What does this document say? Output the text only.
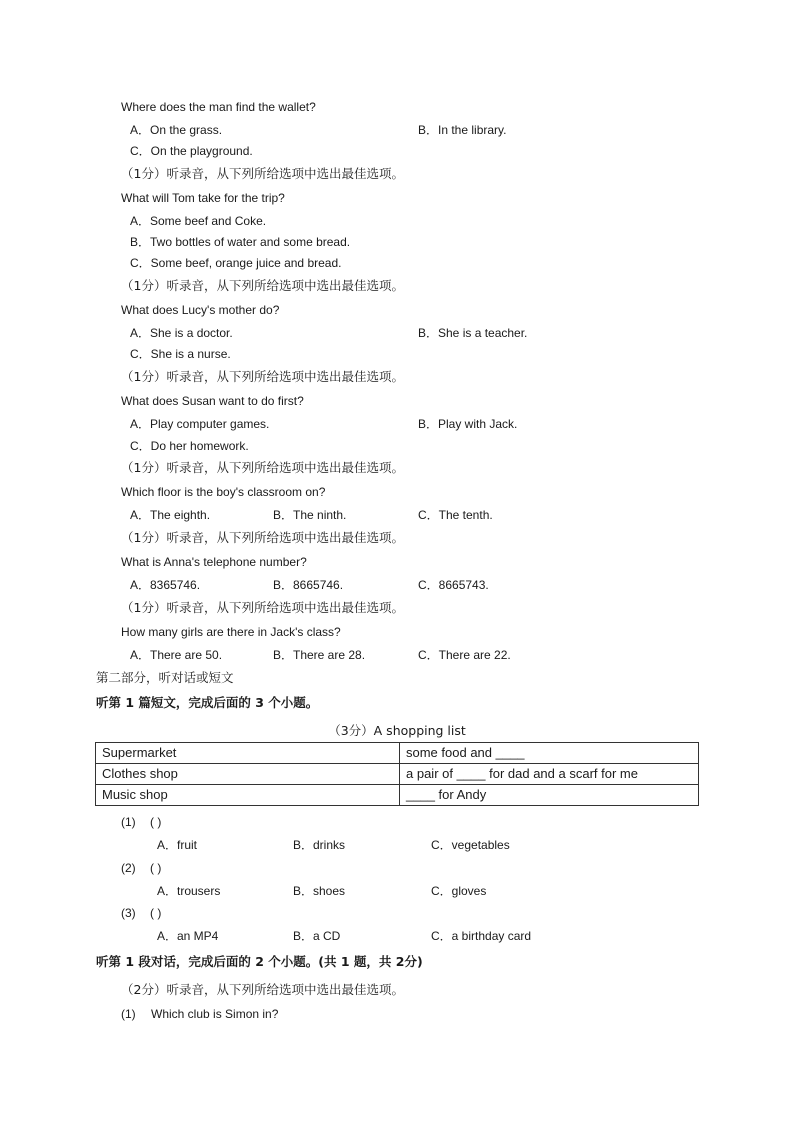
Where does the man find the wallet?
A．On the grass.	B．In the library.
C．On the playground.
（1分）听录音，从下列所给选项中选出最佳选项。
What will Tom take for the trip?
A．Some beef and Coke.
B．Two bottles of water and some bread.
C．Some beef, orange juice and bread.
（1分）听录音，从下列所给选项中选出最佳选项。
What does Lucy's mother do?
A．She is a doctor.	B．She is a teacher.
C．She is a nurse.
（1分）听录音，从下列所给选项中选出最佳选项。
What does Susan want to do first?
A．Play computer games.	B．Play with Jack.
C．Do her homework.
（1分）听录音，从下列所给选项中选出最佳选项。
Which floor is the boy's classroom on?
A．The eighth.	B．The ninth.	C．The tenth.
（1分）听录音，从下列所给选项中选出最佳选项。
What is Anna's telephone number?
A．8365746.	B．8665746.	C．8665743.
（1分）听录音，从下列所给选项中选出最佳选项。
How many girls are there in Jack's class?
A．There are 50.	B．There are 28.	C．There are 22.
第二部分，听对话或短文
听第 1 篇短文，完成后面的 3 个小题。
（3分）A shopping list
Supermarket	some food and ____
Clothes shop	a pair of ____ for dad and a scarf for me
Music shop	____ for Andy
(1) ( )
A．fruit	B．drinks	C．vegetables
(2) ( )
A．trousers	B．shoes	C．gloves
(3) ( )
A．an MP4	B．a CD	C．a birthday card
听第 1 段对话，完成后面的 2 个小题。(共 1 题，共 2分)
（2分）听录音，从下列所给选项中选出最佳选项。
(1) Which club is Simon in?
